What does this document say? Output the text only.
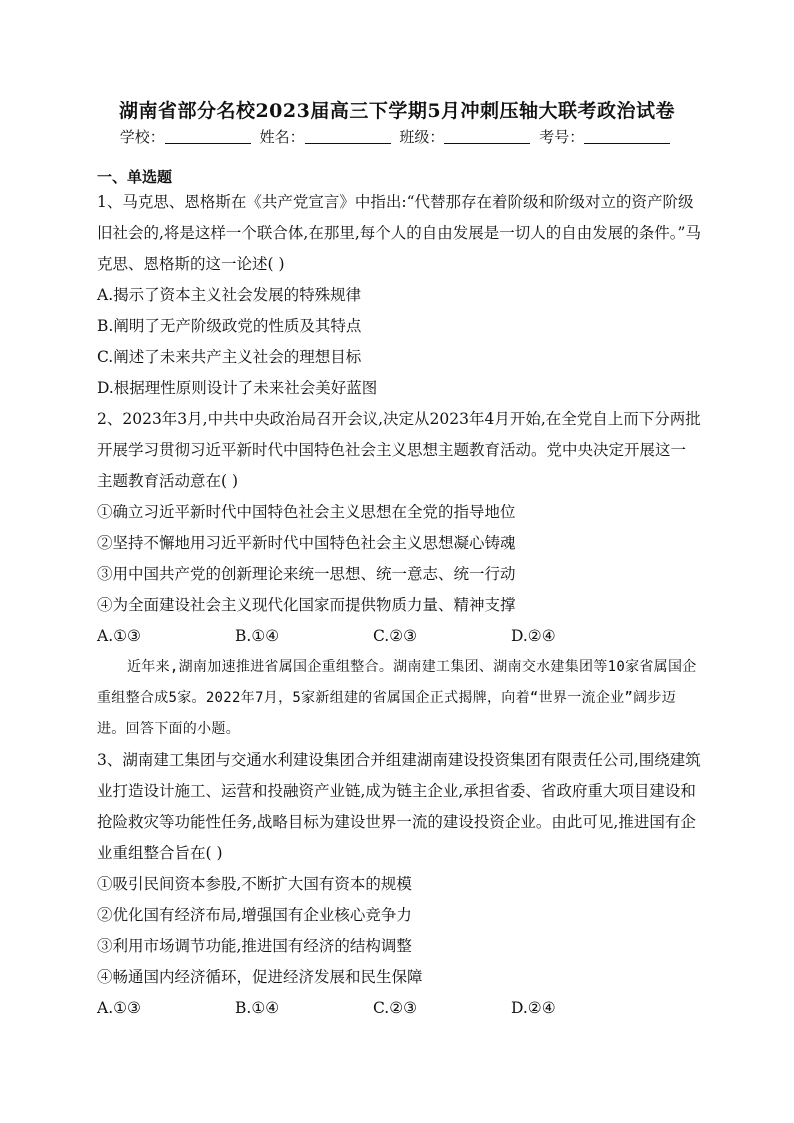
湖南省部分名校2023届高三下学期5月冲刺压轴大联考政治试卷
学校：	姓名：	班级：	考号：
一、单选题

1、马克思、恩格斯在《共产党宣言》中指出:“代替那存在着阶级和阶级对立的资产阶级旧社会的,将是这样一个联合体,在那里,每个人的自由发展是一切人的自由发展的条件。”马克思、恩格斯的这一论述( )

A.揭示了资本主义社会发展的特殊规律

B.阐明了无产阶级政党的性质及其特点

C.阐述了未来共产主义社会的理想目标

D.根据理性原则设计了未来社会美好蓝图

2、2023年3月,中共中央政治局召开会议,决定从2023年4月开始,在全党自上而下分两批开展学习贯彻习近平新时代中国特色社会主义思想主题教育活动。党中央决定开展这一主题教育活动意在( )

①确立习近平新时代中国特色社会主义思想在全党的指导地位

②坚持不懈地用习近平新时代中国特色社会主义思想凝心铸魂

③用中国共产党的创新理论来统一思想、统一意志、统一行动

④为全面建设社会主义现代化国家而提供物质力量、精神支撑

A.①③	B.①④	C.②③	D.②④

近年来,湖南加速推进省属国企重组整合。湖南建工集团、湖南交水建集团等10家省属国企重组整合成5家。2022年7月，5家新组建的省属国企正式揭牌，向着“世界一流企业”阔步迈进。回答下面的小题。

3、湖南建工集团与交通水利建设集团合并组建湖南建设投资集团有限责任公司,围绕建筑业打造设计施工、运营和投融资产业链,成为链主企业,承担省委、省政府重大项目建设和抢险救灾等功能性任务,战略目标为建设世界一流的建设投资企业。由此可见,推进国有企业重组整合旨在( )

①吸引民间资本参股,不断扩大国有资本的规模

②优化国有经济布局,增强国有企业核心竞争力

③利用市场调节功能,推进国有经济的结构调整

④畅通国内经济循环，促进经济发展和民生保障

A.①③	B.①④	C.②③	D.②④
